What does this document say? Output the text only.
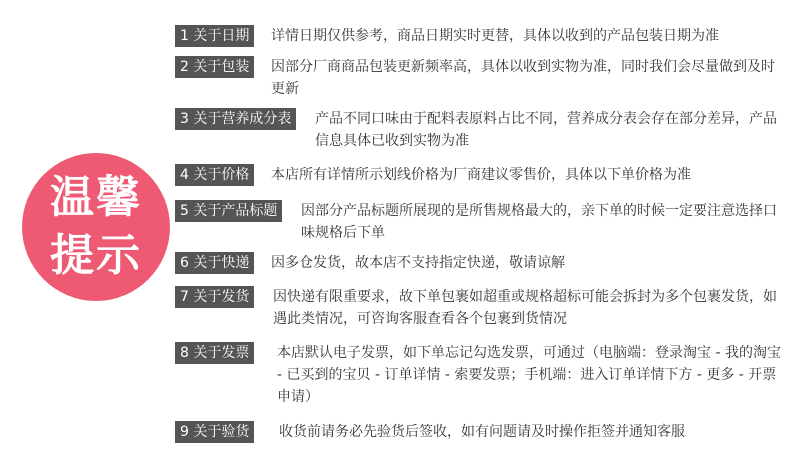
温馨
提示
1 关于日期	详情日期仅供参考，商品日期实时更替，具体以收到的产品包装日期为准
2 关于包装	因部分厂商商品包装更新频率高，具体以收到实物为准，同时我们会尽量做到及时更新
3 关于营养成分表	产品不同口味由于配料表原料占比不同，营养成分表会存在部分差异，产品信息具体已收到实物为准
4 关于价格	本店所有详情所示划线价格为厂商建议零售价，具体以下单价格为准
5 关于产品标题	因部分产品标题所展现的是所售规格最大的，亲下单的时候一定要注意选择口味规格后下单
6 关于快递	因多仓发货，故本店不支持指定快递，敬请谅解
7 关于发货	因快递有限重要求，故下单包裹如超重或规格超标可能会拆封为多个包裹发货，如遇此类情况，可咨询客服查看各个包裹到货情况
8 关于发票	本店默认电子发票，如下单忘记勾选发票，可通过（电脑端：登录淘宝 - 我的淘宝 - 已买到的宝贝 - 订单详情 - 索要发票；手机端：进入订单详情下方 - 更多 - 开票申请）
9 关于验货	收货前请务必先验货后签收，如有问题请及时操作拒签并通知客服
